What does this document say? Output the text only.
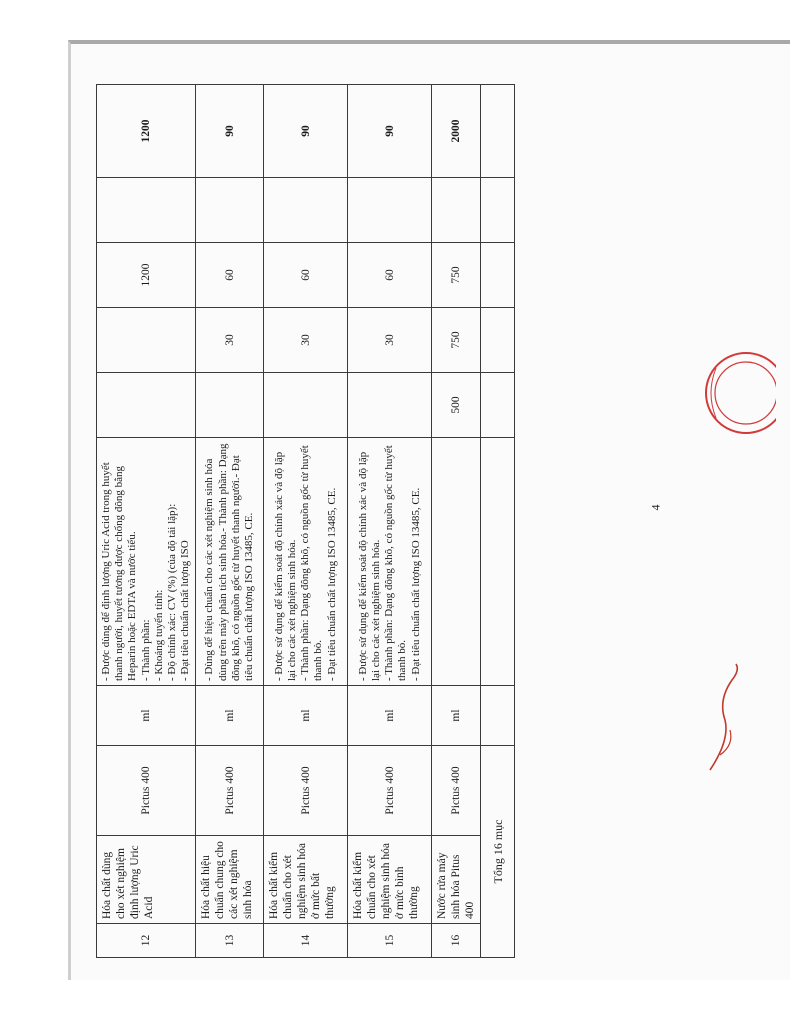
12	Hóa chất dùng cho xét nghiệm định lượng Uric Acid	Pictus 400	ml	- Được dùng để định lượng Uric Acid trong huyết thanh người, huyết tương được chống đông bằng Heparin hoặc EDTA và nước tiểu. - Thành phần: - Khoảng tuyến tính: - Độ chính xác: CV (%) (của độ tái lặp): - Đạt tiêu chuẩn chất lượng ISO			1200		1200
13	Hóa chất hiệu chuẩn chung cho các xét nghiệm sinh hóa	Pictus 400	ml	- Dùng để hiệu chuẩn cho các xét nghiệm sinh hóa dùng trên máy phân tích sinh hóa.- Thành phần: Dạng đông khô, có nguồn gốc từ huyết thanh người.- Đạt tiêu chuẩn chất lượng ISO 13485, CE.		30	60		90
14	Hóa chất kiểm chuẩn cho xét nghiệm sinh hóa ở mức bất thường	Pictus 400	ml	- Được sử dụng để kiểm soát độ chính xác và độ lặp lại cho các xét nghiệm sinh hóa. - Thành phần: Dạng đông khô, có nguồn gốc từ huyết thanh bò. - Đạt tiêu chuẩn chất lượng ISO 13485, CE.		30	60		90
15	Hóa chất kiểm chuẩn cho xét nghiệm sinh hóa ở mức bình thường	Pictus 400	ml	- Được sử dụng để kiểm soát độ chính xác và độ lặp lại cho các xét nghiệm sinh hóa. - Thành phần: Dạng đông khô, có nguồn gốc từ huyết thanh bò. - Đạt tiêu chuẩn chất lượng ISO 13485, CE.		30	60		90
16	Nước rửa máy sinh hóa Pitus 400	Pictus 400	ml		500	750	750		2000
Tổng 16 mục									
4
